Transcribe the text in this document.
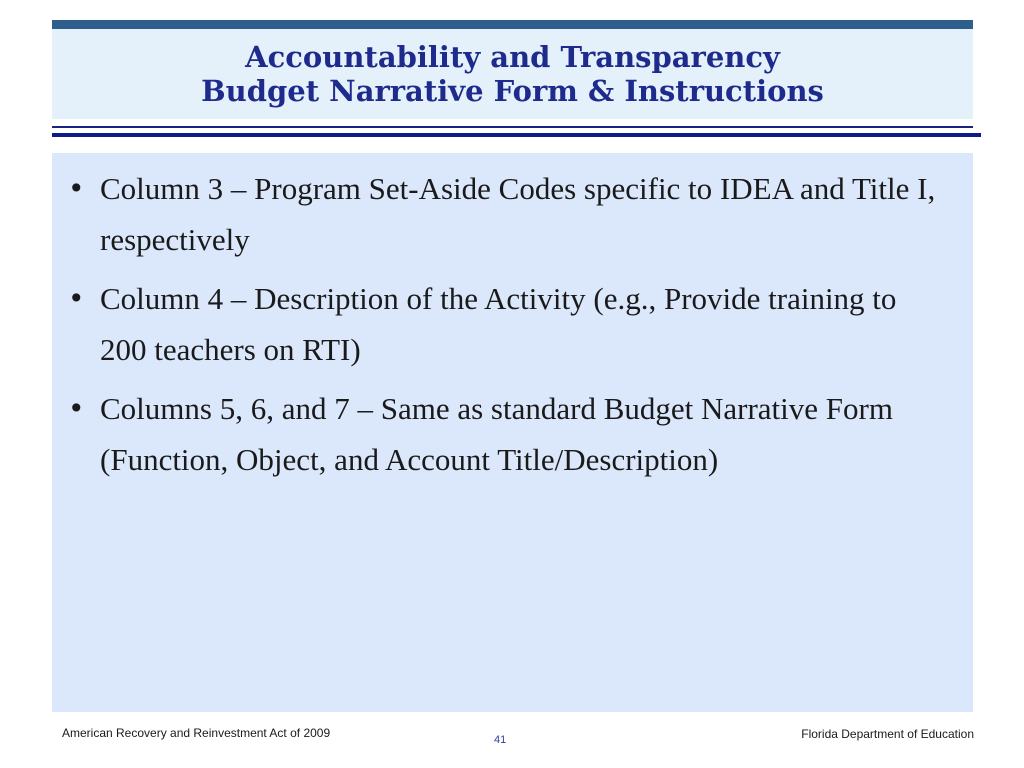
Accountability and Transparency
Budget Narrative Form & Instructions
• Column 3 – Program Set-Aside Codes specific to IDEA and Title I, respectively
• Column 4 – Description of the Activity (e.g., Provide training to 200 teachers on RTI)
• Columns 5, 6, and 7 – Same as standard Budget Narrative Form (Function, Object, and Account Title/Description)
American Recovery and Reinvestment Act of 2009	41	Florida Department of Education
